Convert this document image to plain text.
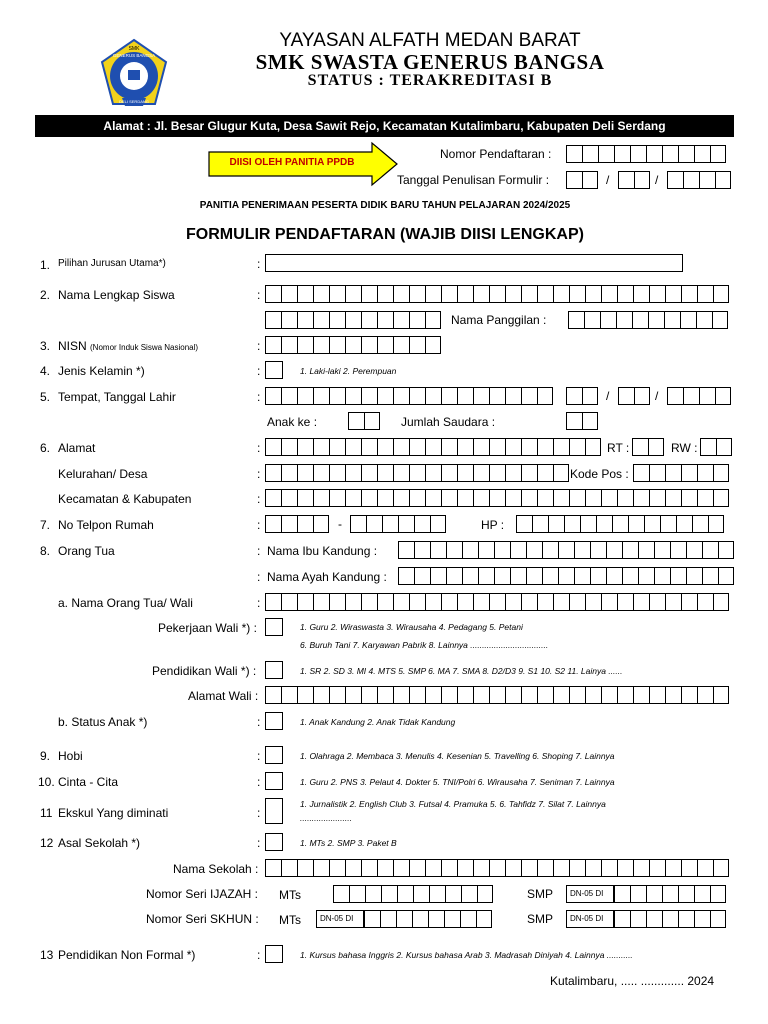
SMK
GENERUS BANGSA
DELI SERDANG
YAYASAN ALFATH MEDAN BARAT
SMK SWASTA GENERUS BANGSA
STATUS : TERAKREDITASI B
Alamat : Jl. Besar Glugur Kuta, Desa Sawit Rejo, Kecamatan Kutalimbaru, Kabupaten Deli Serdang
DIISI OLEH PANITIA PPDB
Nomor Pendaftaran :
Tanggal Penulisan Formulir :	/	/
PANITIA PENERIMAAN PESERTA DIDIK BARU TAHUN PELAJARAN 2024/2025
FORMULIR PENDAFTARAN (WAJIB DIISI LENGKAP)
1. Pilihan Jurusan Utama*)	:
2. Nama Lengkap Siswa	:
Nama Panggilan :
3. NISN (Nomor Induk Siswa Nasional)	:
4. Jenis Kelamin *)	:	1. Laki-laki 2. Perempuan
5. Tempat, Tanggal Lahir	:	/	/
Anak ke :	Jumlah Saudara :
6. Alamat	:	RT :	RW :
Kelurahan/ Desa	:	Kode Pos :
Kecamatan & Kabupaten	:
7. No Telpon Rumah	:	-	HP :
8. Orang Tua	: Nama Ibu Kandung :
: Nama Ayah Kandung :
a. Nama Orang Tua/ Wali	:
Pekerjaan Wali *) :	1. Guru 2. Wiraswasta 3. Wirausaha 4. Pedagang 5. Petani
6. Buruh Tani 7. Karyawan Pabrik 8. Lainnya .................................
Pendidikan Wali *) :	1. SR 2. SD 3. MI 4. MTS 5. SMP 6. MA 7. SMA 8. D2/D3 9. S1 10. S2 11. Lainya ......
Alamat Wali :
b. Status Anak *)	:	1. Anak Kandung 2. Anak Tidak Kandung
9. Hobi	:	1. Olahraga 2. Membaca 3. Menulis 4. Kesenian 5. Travelling 6. Shoping 7. Lainnya
10. Cinta - Cita	:	1. Guru 2. PNS 3. Pelaut 4. Dokter 5. TNI/Polri 6. Wirausaha 7. Seniman 7. Lainnya
11 Ekskul Yang diminati	:
1. Jurnalistik 2. English Club 3. Futsal 4. Pramuka 5. 6. Tahfidz 7. Silat 7. Lainnya
......................
12 Asal Sekolah *)	:	1. MTs 2. SMP 3. Paket B
Nama Sekolah :
Nomor Seri IJAZAH : MTs	SMP	DN-05 DI
Nomor Seri SKHUN : MTs	DN-05 DI	SMP	DN-05 DI
13 Pendidikan Non Formal *)	:	1. Kursus bahasa Inggris 2. Kursus bahasa Arab 3. Madrasah Diniyah 4. Lainnya ...........
Kutalimbaru, ..... ............. 2024
